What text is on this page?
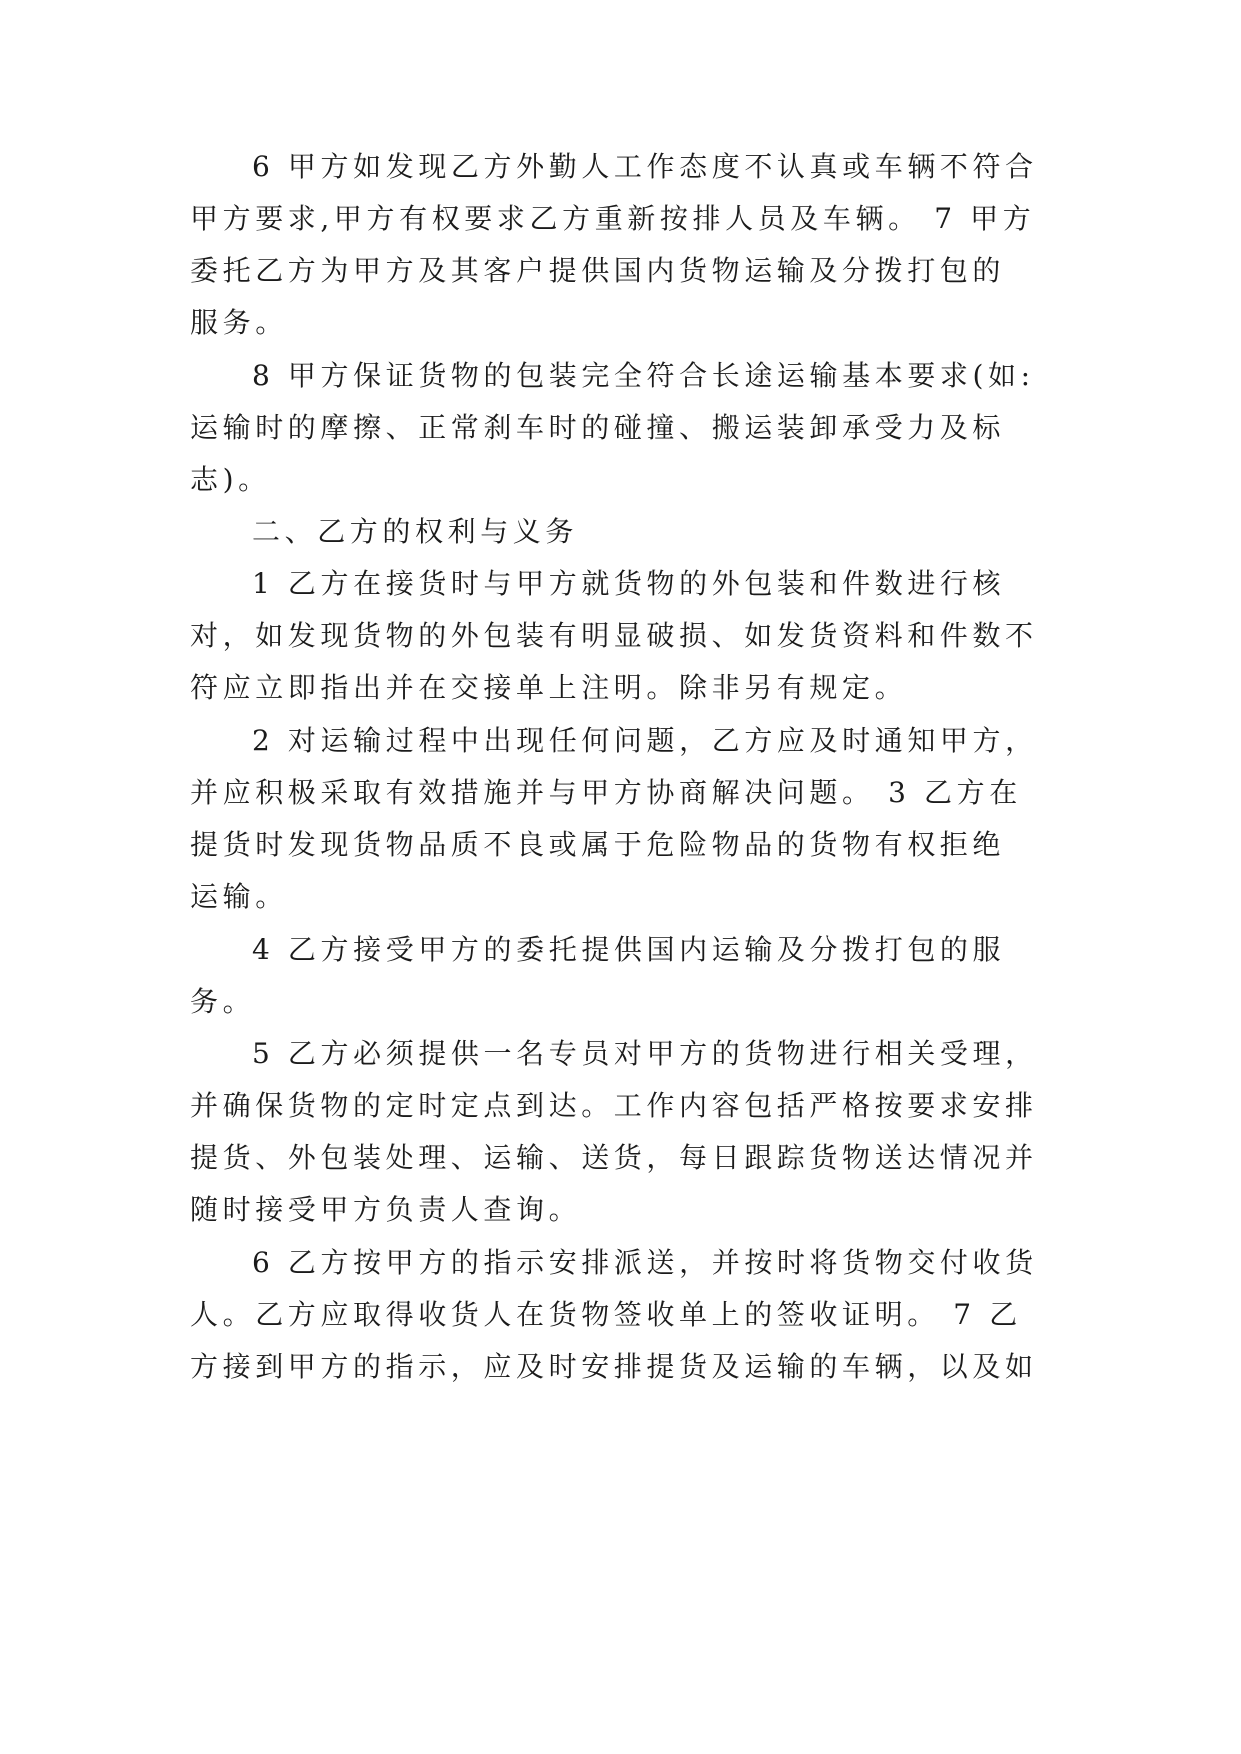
6 甲方如发现乙方外勤人工作态度不认真或车辆不符合
甲方要求,甲方有权要求乙方重新按排人员及车辆。 7 甲方
委托乙方为甲方及其客户提供国内货物运输及分拨打包的
服务。
8 甲方保证货物的包装完全符合长途运输基本要求(如:
运输时的摩擦、正常刹车时的碰撞、搬运装卸承受力及标
志)。
二、乙方的权利与义务
1 乙方在接货时与甲方就货物的外包装和件数进行核
对，如发现货物的外包装有明显破损、如发货资料和件数不
符应立即指出并在交接单上注明。除非另有规定。
2 对运输过程中出现任何问题，乙方应及时通知甲方，
并应积极采取有效措施并与甲方协商解决问题。 3 乙方在
提货时发现货物品质不良或属于危险物品的货物有权拒绝
运输。
4 乙方接受甲方的委托提供国内运输及分拨打包的服
务。
5 乙方必须提供一名专员对甲方的货物进行相关受理，
并确保货物的定时定点到达。工作内容包括严格按要求安排
提货、外包装处理、运输、送货，每日跟踪货物送达情况并
随时接受甲方负责人查询。
6 乙方按甲方的指示安排派送，并按时将货物交付收货
人。乙方应取得收货人在货物签收单上的签收证明。 7 乙
方接到甲方的指示，应及时安排提货及运输的车辆，以及如
